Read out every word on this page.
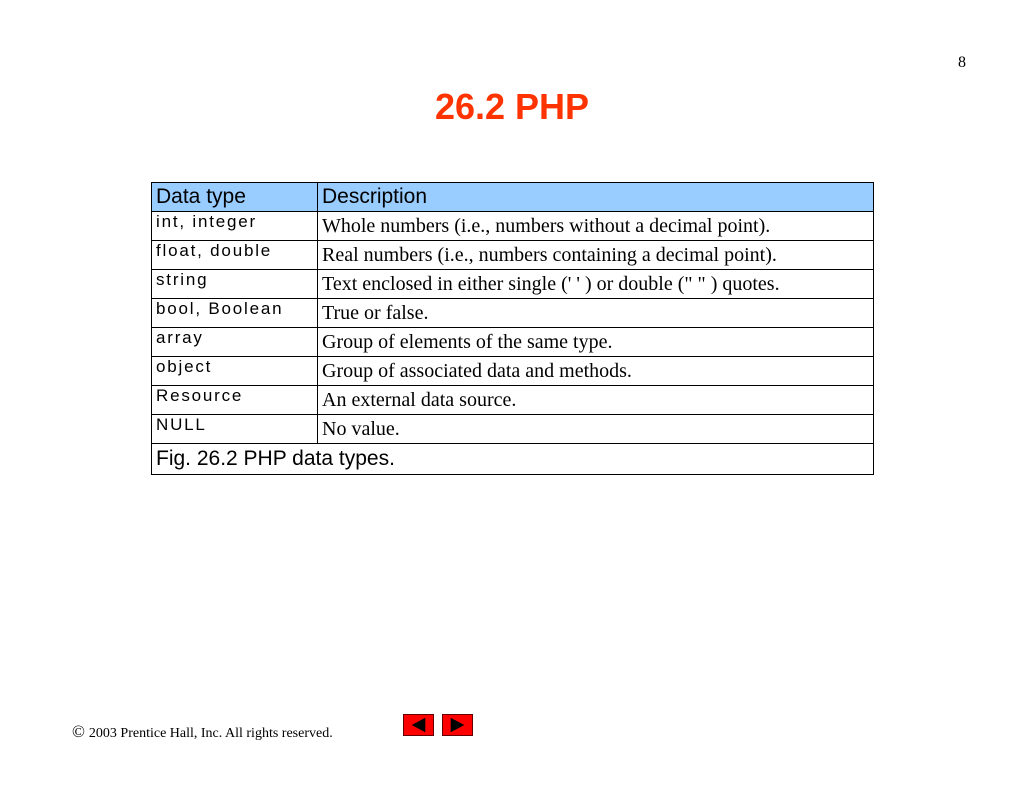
8
26.2 PHP
Data type	Description
int, integer	Whole numbers (i.e., numbers without a decimal point).
float, double	Real numbers (i.e., numbers containing a decimal point).
string	Text enclosed in either single (' ' ) or double (" " ) quotes.
bool, Boolean	True or false.
array	Group of elements of the same type.
object	Group of associated data and methods.
Resource	An external data source.
NULL	No value.
Fig. 26.2 PHP data types.	
© 2003 Prentice Hall, Inc. All rights reserved.
